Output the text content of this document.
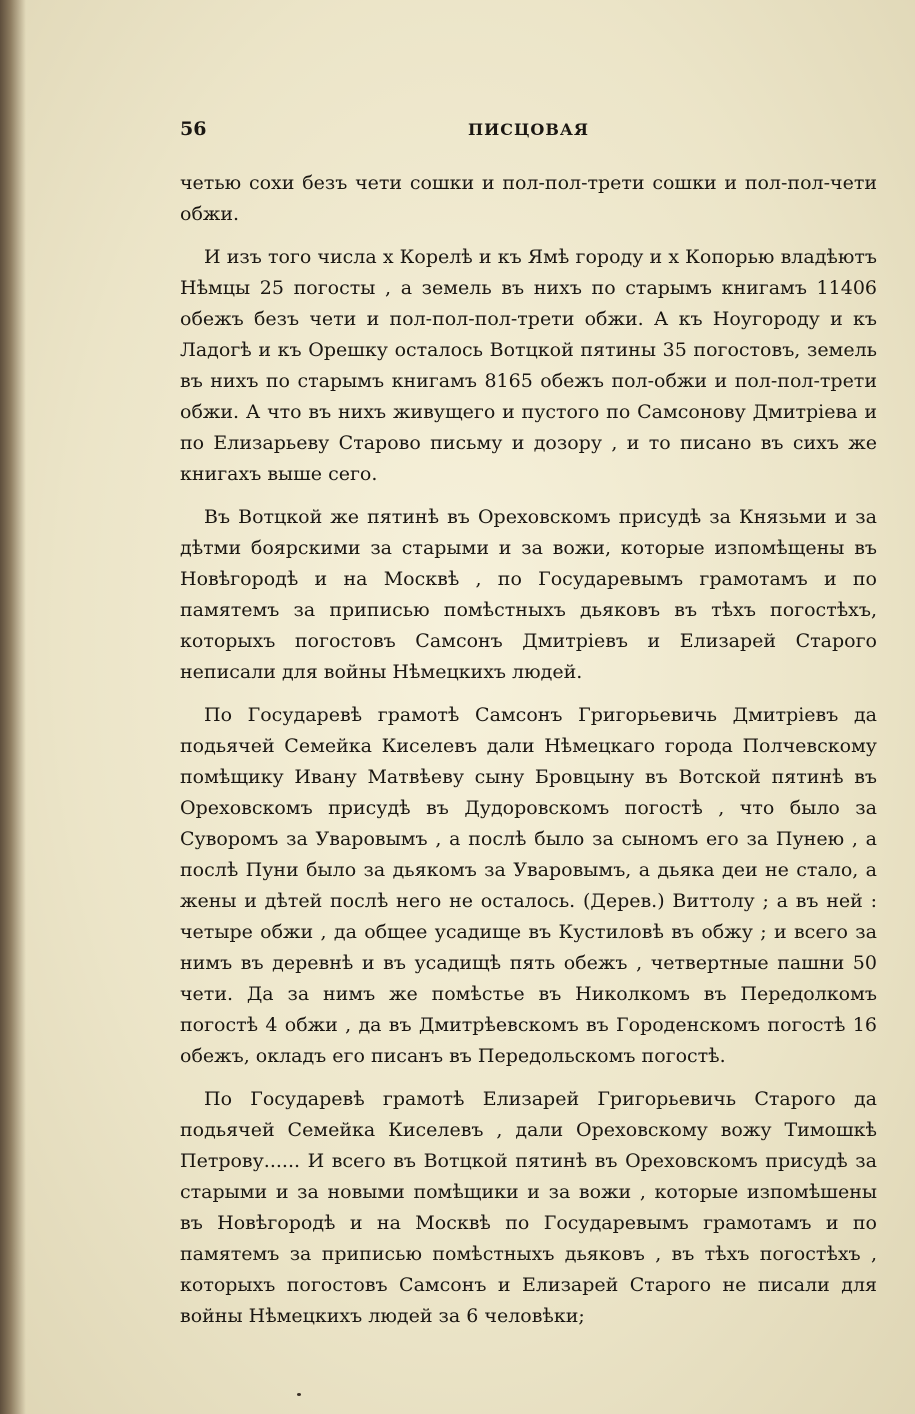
56	ПИСЦОВАЯ

четью сохи безъ чети сошки и пол-пол-трети сошки и пол-пол-чети обжи.

И изъ того числа х Корелѣ и къ Ямѣ городу и х Копорью владѣютъ Нѣмцы 25 погосты , а земель въ нихъ по старымъ книгамъ 11406 обежъ безъ чети и пол-пол-пол-трети обжи. А къ Ноугороду и къ Ладогѣ и къ Орешку осталось Вотцкой пятины 35 погостовъ, земель въ нихъ по старымъ книгамъ 8165 обежъ пол-обжи и пол-пол-трети обжи. А что въ нихъ живущего и пустого по Самсонову Дмитрiева и по Елизарьеву Старово письму и дозору , и то писано въ сихъ же книгахъ выше сего.

Въ Вотцкой же пятинѣ въ Ореховскомъ присудѣ за Князьми и за дѣтми боярскими за старыми и за вожи, которые изпомѣщены въ Новѣгородѣ и на Москвѣ , по Государевымъ грамотамъ и по памятемъ за приписью помѣстныхъ дьяковъ въ тѣхъ погостѣхъ, которыхъ погостовъ Самсонъ Дмитрiевъ и Елизарей Старого неписали для войны Нѣмецкихъ людей.

По Государевѣ грамотѣ Самсонъ Григорьевичь Дмитрiевъ да подьячей Семейка Киселевъ дали Нѣмецкаго города Полчевскому помѣщику Ивану Матвѣеву сыну Бровцыну въ Вотской пятинѣ въ Ореховскомъ присудѣ въ Дудоровскомъ погостѣ , что было за Суворомъ за Уваровымъ , а послѣ было за сыномъ его за Пунею , а послѣ Пуни было за дьякомъ за Уваровымъ, а дьяка деи не стало, а жены и дѣтей послѣ него не осталось. (Дерев.) Виттолу ; а въ ней : четыре обжи , да общее усадище въ Кустиловѣ въ обжу ; и всего за нимъ въ деревнѣ и въ усадищѣ пять обежъ , четвертные пашни 50 чети. Да за нимъ же помѣстье въ Николкомъ въ Передолкомъ погостѣ 4 обжи , да въ Дмитрѣевскомъ въ Городенскомъ погостѣ 16 обежъ, окладъ его писанъ въ Передольскомъ погостѣ.

По Государевѣ грамотѣ Елизарей Григорьевичь Старого да подьячей Семейка Киселевъ , дали Ореховскому вожу Тимошкѣ Петрову...... И всего въ Вотцкой пятинѣ въ Ореховскомъ присудѣ за старыми и за новыми помѣщики и за вожи , которые изпомѣшены въ Новѣгородѣ и на Москвѣ по Государевымъ грамотамъ и по памятемъ за приписью помѣстныхъ дьяковъ , въ тѣхъ погостѣхъ , которыхъ погостовъ Самсонъ и Елизарей Старого не писали для войны Нѣмецкихъ людей за 6 человѣки;
